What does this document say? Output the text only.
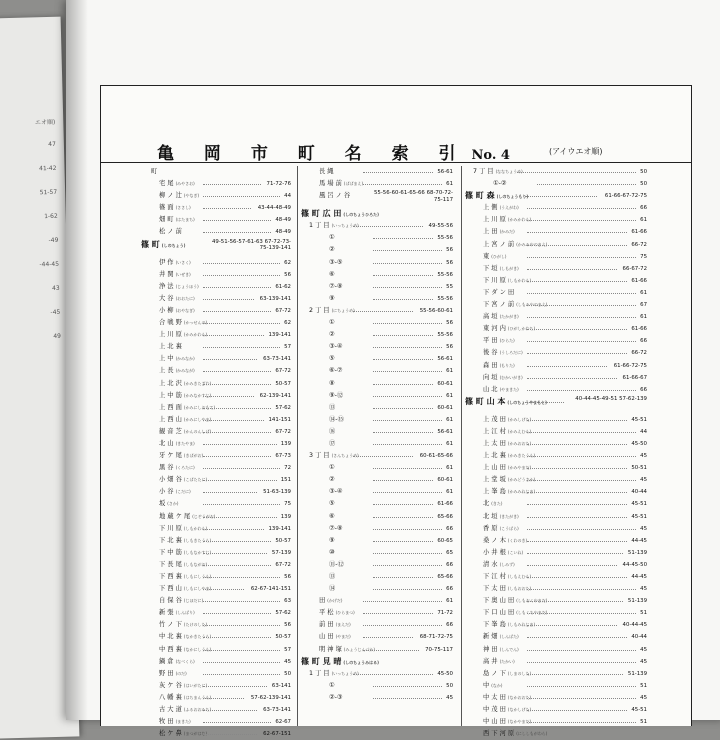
エオ順)
47
41-42
51-57
1-62
-49
-44-45
43
-45
49
亀 岡 市 町 名 索 引 No. 4	(アイウエオ順)
町
宅 尾 (みやさお)	71-72-76
柳 ノ 辻 (やなぎ)	44
篠 面 (ささし)	43-44-48-49
畑 町 (はたまち)	48-49
松 ノ 前	48-49
篠 町 (しのちょう)
49-51-56-57-61-63 67-72-73-75-139-141
伊 作 (いさく)	62
井 関 (いぜき)	56
浄 法 (じょうほう)	61-62
大 谷 (おおたに)	63-139-141
小 柳 (おやなぎ)	67-72
合 戦 野 (かっせんの)	62
上 川 原 (かみかわら)	139-141
上 北 裏	57
上 中 (かみなか)	63-73-141
上 長 (かみなが)	67-72
上 北 沢 (かみきたざわ)	50-57
上 中 筋 (かみなかすじ)	62-139-141
上 西 面 (かみにしおもて)	57-62
上 西 山 (かみにしやま)	141-151
観 音 芝 (かんのんしば)	67-72
北 山 (きたやま)	139
牙 ケ 尾 (きばがお)	67-73
黒 谷 (くろたに)	72
小 畑 谷 (こばたたに)	151
小 谷 (こだに)	51-63-139
坂 (さか)	75
地 蔵 ケ 尾 (じぞうがお)	139
下 川 原 (しもかわら)	139-141
下 北 裏 (しもきたうら)	50-57
下 中 筋 (しもなかすじ)	57-139
下 長 尾 (しもながお)	67-72
下 西 裏 (しもにしうら)	56
下 西 山 (しもにしやま)	62-67-141-151
自 保 谷 (じほだに)	63
新 張 (しんばり)	57-62
竹 ノ 下 (たけのした)	56
中 北 裏 (なかきたうら)	50-57
中 西 裏 (なかにしうら)	57
鍋 倉 (なべくら)	45
野 田 (のだ)	50
灰 ケ 谷 (はいがたに)	63-141
八 幡 裏 (はちまんうら)	57-62-139-141
古 大 道 (ふるおおみち)	63-73-141
牧 田 (まきた)	62-67
松 ケ 鼻 (まつがはな)	62-67-151
長 縄	56-61
馬 場 前 (ばばまえ)	61
風 呂 ノ 谷	55-56-60-61-65-66 68-70-72-75-117
篠 町 広 田 (しのちょうひろた)
1 丁 目 (いっちょうめ)	49-55-56
①	55-56
②	56
③-⑤	56
⑥	55-56
⑦-⑧	55
⑨	55-56
2 丁 目 (にちょうめ)	55-56-60-61
①	56
②	55-56
③-④	56
⑤	56-61
⑥-⑦	61
⑧	60-61
⑨-⑫	61
⑬	60-61
⑭-⑮	61
⑯	56-61
⑰	61
3 丁 目 (さんちょうめ)	60-61-65-66
①	61
②	60-61
③-④	61
⑤	61-66
⑥	65-66
⑦-⑧	66
⑨	60-65
⑩	65
⑪-⑫	66
⑬	65-66
⑭	66
田 (かげだ)	61
平 松 (ひらまつ)	71-72
前 田 (まえだ)	66
山 田 (やまだ)	68-71-72-75
明 神 塚 (みょうじんづか)	70-75-117
篠 町 見 晴 (しのちょうみはる)
1 丁 目 (いっちょうめ)	45-50
①	50
②-③	45
7 丁 目 (ななちょうめ)	50
①-②	50
篠 町 森 (しのちょうもり)	61-66-67-72-75
上 側 (うえがわ)	66
上 川 原 (かみかわら)	61
上 田 (かみだ)	61-66
上 宮 ノ 前 (かみみやのまえ)	66-72
東 (ひがし)	75
下 垣 (しもがき)	66-67-72
下 川 原 (しもかわら)	61-66
下 ダ ン 田	61
下 宮 ノ 前 (しもみやのまえ)	67
高 垣 (たかがき)	61
東 河 内 (ひがしかわち)	61-66
平 田 (ひらた)	66
後 谷 (うしろだに)	66-72
森 田 (もりた)	61-66-72-75
向 垣 (むかいがき)	61-66-67
山 北 (やまきた)	66
篠 町 山 本 (しのちょうやまもと)
40-44-45-49-51 57-62-139
上 茂 田 (かみしげた)	45-51
上 江 村 (かみえむら)	44
上 太 田 (かみおおた)	45-50
上 北 裏 (かみきたうら)	45
上 山 田 (かみやまだ)	50-51
上 堂 坂 (かみどうさか)	45
上 峯 島 (かみみねじま)	40-44
北 (きた)	45-51
北 垣 (きたがき)	45-51
香 原 (こうばら)	45
桑 ノ 木 (くわのき)	44-45
小 井 根 (こいね)	51-139
清 水 (しみず)	44-45-50
下 江 村 (しもえむら)	44-45
下 太 田 (しもおおた)	45
下 奥 山 田 (しもおくやまだ)	51-139
下 口 山 田 (しもくちやまだ)	51
下 峯 島 (しもみねじま)	40-44-45
新 畑 (しんばた)	40-44
神 田 (しんでん)	45
高 井 (たかい)	45
島 ノ 下 (しまのした)	51-139
中 (なか)	51
中 太 田 (なかおおた)	45
中 茂 田 (なかしげた)	45-51
中 山 田 (なかやまだ)	51
西 下 河 原 (にししもがわら)
